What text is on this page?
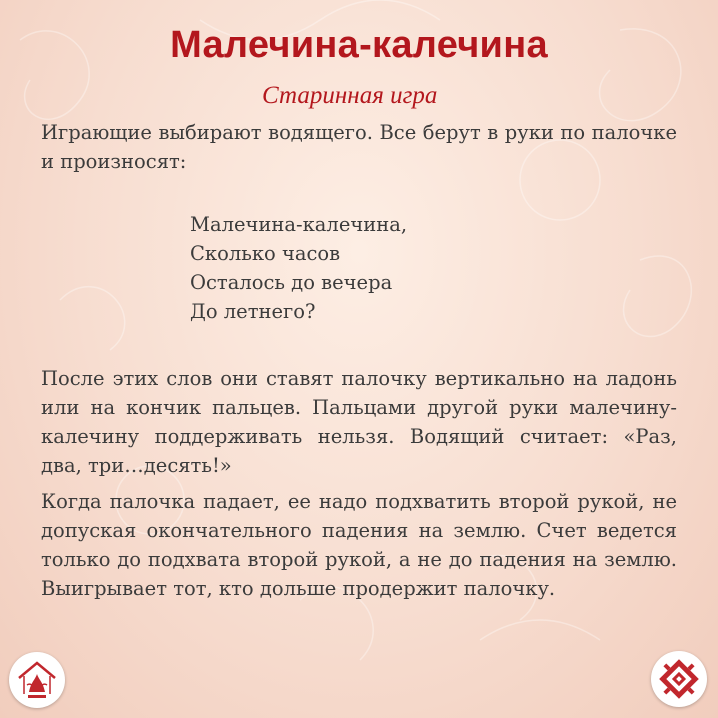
Малечина-калечина
Старинная игра

Играющие выбирают водящего. Все берут в руки по палочке и произносят:

Малечина-калечина,
Сколько часов
Осталось до вечера
До летнего?

После этих слов они ставят палочку вертикально на ладонь или на кончик пальцев. Пальцами другой руки малечину-калечину поддерживать нельзя. Водящий считает: «Раз, два, три…десять!»

Когда палочка падает, ее надо подхватить второй рукой, не допуская окончательного падения на землю. Счет ведется только до подхвата второй рукой, а не до падения на землю. Выигрывает тот, кто дольше продержит палочку.
